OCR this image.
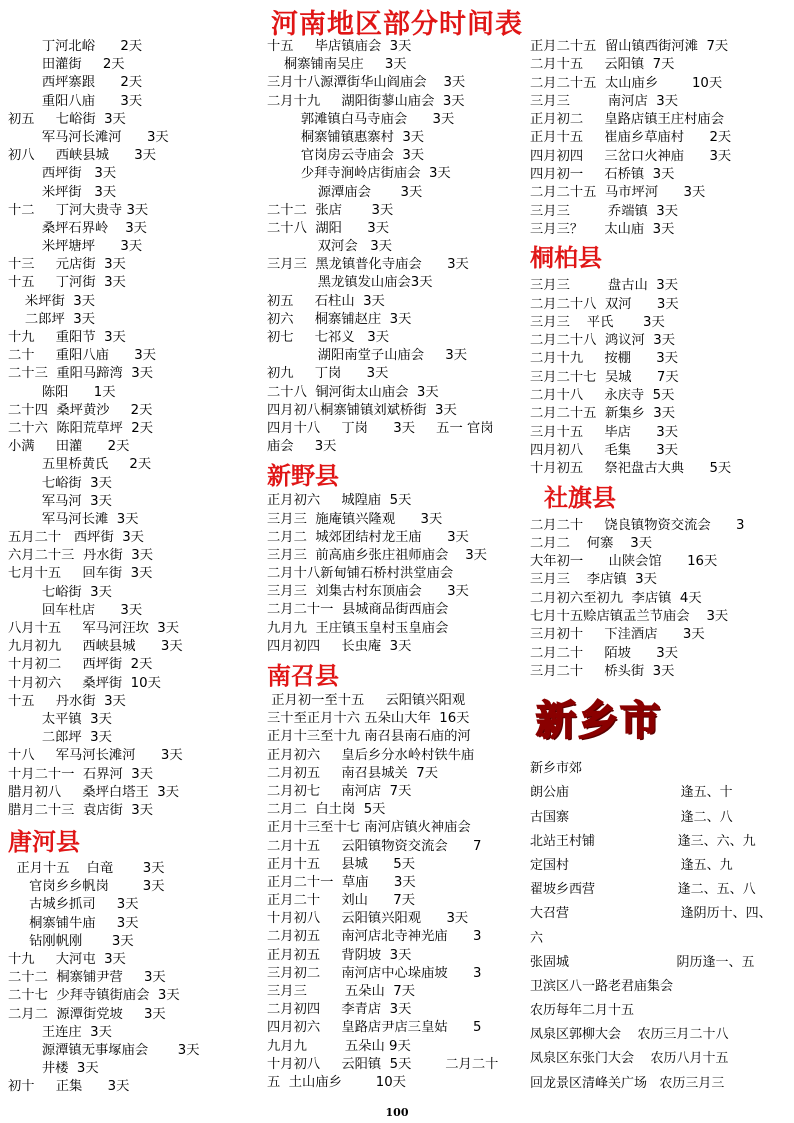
河南地区部分时间表
丁河北峪      2天
田灌街     2天
西坪寨跟      2天
重阳八庙      3天
初五     七峪街  3天
军马河长滩河      3天
初八     西峡县城      3天
西坪街   3天
米坪街   3天
十二     丁河大贵寺 3天
桑坪石界岭    3天
米坪塘坪      3天
十三     元店街  3天
十五     丁河街  3天
米坪街  3天
二郎坪  3天
十九     重阳节  3天
二十     重阳八庙      3天
二十三  重阳马蹄湾  3天
陈阳      1天
二十四  桑坪黄沙     2天
二十六  陈阳荒草坪  2天
小满     田灌      2天
五里桥黄氏     2天
七峪街  3天
军马河  3天
军马河长滩  3天
五月二十   西坪街  3天
六月二十三  丹水街  3天
七月十五     回车街  3天
七峪街  3天
回车杜店      3天
八月十五     军马河汪坎  3天
九月初九     西峡县城      3天
十月初二     西坪街  2天
十月初六     桑坪街  10天
十五     丹水街  3天
太平镇  3天
二郎坪  3天
十八     军马河长滩河      3天
十月二十一  石界河  3天
腊月初八     桑坪白塔王  3天
腊月二十三  袁店街  3天
唐河县
正月十五    白竜       3天
官岗乡乡帆岗        3天
古城乡抓司     3天
桐寨铺牛庙     3天
钻刚帆刚       3天
十九     大河屯  3天
二十二  桐寨铺尹营     3天
二十七  少拜寺镇街庙会  3天
二月二  源潭街党坡     3天
王连庄  3天
源潭镇无事塚庙会       3天
井楼  3天
初十     正集      3天
十五     毕店镇庙会  3天
桐寨铺南吴庄     3天
三月十八源潭街华山阎庙会    3天
二月十九     湖阳街蓼山庙会  3天
郭滩镇白马寺庙会      3天
桐寨铺镇惠寨村  3天
官岗房云寺庙会  3天
少拜寺涧岭店街庙会  3天
源潭庙会       3天
二十二  张店       3天
二十八  湖阳      3天
双河会   3天
三月三  黑龙镇普化寺庙会      3天
黑龙镇发山庙会3天
初五     石柱山  3天
初六     桐寨铺赵庄  3天
初七     七祁义   3天
湖阳南堂子山庙会     3天
初九     丁岗      3天
二十八  铜河街太山庙会  3天
四月初八桐寨铺镇刘斌桥街  3天
四月十八     丁岗      3天     五一 官岗
庙会     3天
新野县
正月初六     城隍庙  5天
三月三  施庵镇兴隆观      3天
二月二  城郊团结村龙王庙      3天
三月三  前高庙乡张庄祖师庙会    3天
二月十八新甸铺石桥村洪堂庙会
三月三  刘集古村东顶庙会      3天
二月二十一  县城商品街西庙会
九月九  王庄镇玉皇村玉皇庙会
四月初四     长虫庵  3天
南召县
正月初一至十五     云阳镇兴阳观
三十至正月十六 五朵山大年  16天
正月十三至十九 南召县南石庙的河
正月初六     皇后乡分水岭村铁牛庙
二月初五     南召县城关  7天
二月初七     南河店  7天
二月二  白土岗  5天
正月十三至十七 南河店镇火神庙会
二月十五     云阳镇物资交流会      7
正月十五     县城      5天
正月二十一  草庙      3天
正月二十     刘山      7天
十月初八     云阳镇兴阳观      3天
二月初五     南河店北寺神光庙      3
正月初五     背阴坡  3天
三月初二     南河店中心垛庙坡      3
三月三         五朵山  7天
二月初四     李青店  3天
四月初六     皇路店尹店三皇姑      5
九月九         五朵山 9天
十月初八     云阳镇  5天        二月二十
五  土山庙乡        10天
正月二十五  留山镇西街河滩  7天
二月十五     云阳镇  7天
二月二十五  太山庙乡        10天
三月三         南河店  3天
正月初二     皇路店镇王庄村庙会
正月十五     崔庙乡草庙村      2天
四月初四     三岔口火神庙      3天
四月初一     石桥镇  3天
二月二十五  马市坪河      3天
三月三         乔端镇  3天
三月三？     太山庙  3天
桐柏县
三月三         盘古山  3天
二月二十八  双河      3天
三月三    平氏       3天
二月二十八  鸿议河  3天
二月十九     按棚      3天
三月二十七  吴城      7天
二月十八     永庆寺  5天
二月二十五  新集乡  3天
三月十五     毕店      3天
四月初八     毛集      3天
十月初五     祭祀盘古大典      5天
社旗县
二月二十     饶良镇物资交流会      3
二月二    何寨    3天
大年初一      山陕会馆      16天
三月三    李店镇  3天
二月初六至初九  李店镇  4天
七月十五赊店镇盂兰节庙会    3天
三月初十     下洼酒店      3天
二月二十     陌坡      3天
三月二十     桥头街  3天
新乡市
新乡市郊
朗公庙                           逢五、十
古国寨                           逢二、八
北站王村铺                    逢三、六、九
定国村                           逢五、九
翟坡乡西营                    逢二、五、八
大召营                           逢阴历十、四、
六
张固城                          阴历逢一、五
卫滨区八一路老君庙集会
农历每年二月十五
凤泉区郭柳大会    农历三月二十八
凤泉区东张门大会    农历八月十五
回龙景区清峰关广场   农历三月三
100
